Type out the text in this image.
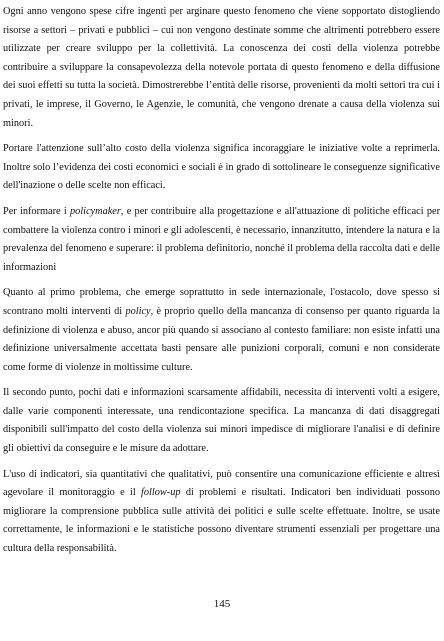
Ogni anno vengono spese cifre ingenti per arginare questo fenomeno che viene sopportato distogliendo risorse a settori – privati e pubblici – cui non vengono destinate somme che altrimenti potrebbero essere utilizzate per creare sviluppo per la collettività. La conoscenza dei costi della violenza potrebbe contribuire a sviluppare la consapevolezza della notevole portata di questo fenomeno e della diffusione dei suoi effetti su tutta la società. Dimostrerebbe l’entità delle risorse, provenienti da molti settori tra cui i privati, le imprese, il Governo, le Agenzie, le comunità, che vengono drenate a causa della violenza sui minori.
Portare l'attenzione sull’alto costo della violenza significa incoraggiare le iniziative volte a reprimerla. Inoltre solo l’evidenza dei costi economici e sociali è in grado di sottolineare le conseguenze significative dell'inazione o delle scelte non efficaci.
Per informare i policymaker, e per contribuire alla progettazione e all'attuazione di politiche efficaci per combattere la violenza contro i minori e gli adolescenti, è necessario, innanzitutto, intendere la natura e la prevalenza del fenomeno e superare: il problema definitorio, nonché il problema della raccolta dati e delle informazioni
Quanto al primo problema, che emerge soprattutto in sede internazionale, l'ostacolo, dove spesso si scontrano molti interventi di policy, è proprio quello della mancanza di consenso per quanto riguarda la definizione di violenza e abuso, ancor più quando si associano al contesto familiare: non esiste infatti una definizione universalmente accettata basti pensare alle punizioni corporali, comuni e non considerate come forme di violenze in moltissime culture.
Il secondo punto, pochi dati e informazioni scarsamente affidabili, necessita di interventi volti a esigere, dalle varie componenti interessate, una rendicontazione specifica. La mancanza di dati disaggregati disponibili sull'impatto del costo della violenza sui minori impedisce di migliorare l'analisi e di definire gli obiettivi da conseguire e le misure da adottare.
L'uso di indicatori, sia quantitativi che qualitativi, può consentire una comunicazione efficiente e altresì agevolare il monitoraggio e il follow-up di problemi e risultati. Indicatori ben individuati possono migliorare la comprensione pubblica sulle attività dei politici e sulle scelte effettuate. Inoltre, se usate correttamente, le informazioni e le statistiche possono diventare strumenti essenziali per progettare una cultura della responsabilità.
145
